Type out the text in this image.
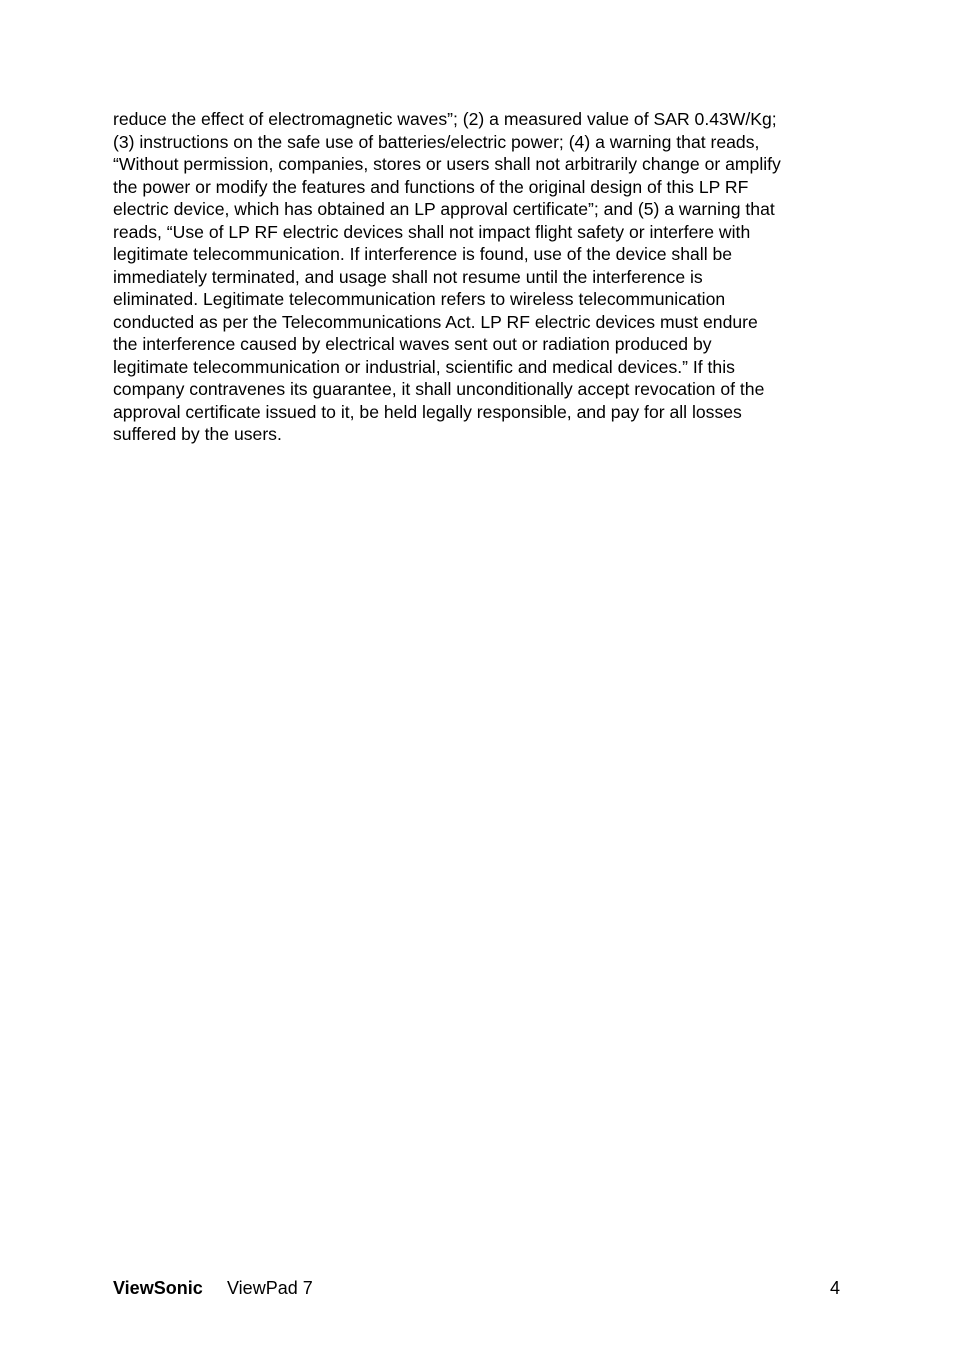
reduce the effect of electromagnetic waves”; (2) a measured value of SAR 0.43W/Kg;
(3) instructions on the safe use of batteries/electric power; (4) a warning that reads,
“Without permission, companies, stores or users shall not arbitrarily change or amplify
the power or modify the features and functions of the original design of this LP RF
electric device, which has obtained an LP approval certificate”; and (5) a warning that
reads, “Use of LP RF electric devices shall not impact flight safety or interfere with
legitimate telecommunication. If interference is found, use of the device shall be
immediately terminated, and usage shall not resume until the interference is
eliminated. Legitimate telecommunication refers to wireless telecommunication
conducted as per the Telecommunications Act. LP RF electric devices must endure
the interference caused by electrical waves sent out or radiation produced by
legitimate telecommunication or industrial, scientific and medical devices.” If this
company contravenes its guarantee, it shall unconditionally accept revocation of the
approval certificate issued to it, be held legally responsible, and pay for all losses
suffered by the users.
ViewSonic ViewPad 7	4
